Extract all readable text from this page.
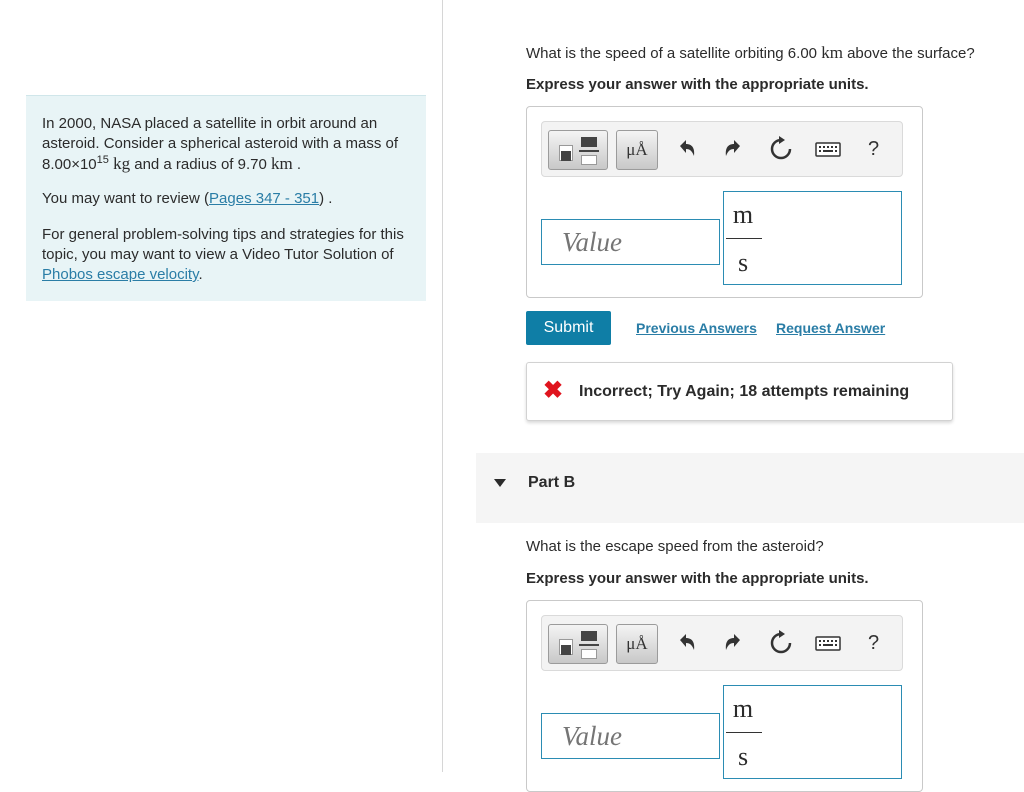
In 2000, NASA placed a satellite in orbit around an asteroid. Consider a spherical asteroid with a mass of $8.00\times 10^{15}$ kg and a radius of 9.70 km .

You may want to review (Pages 347 - 351) .

For general problem-solving tips and strategies for this topic, you may want to view a Video Tutor Solution of Phobos escape velocity.

What is the speed of a satellite orbiting 6.00 km above the surface?
Express your answer with the appropriate units.
μÅ	?
Value
m
s
Submit	Previous Answers Request Answer
✖ Incorrect; Try Again; 18 attempts remaining
Part B
What is the escape speed from the asteroid?
Express your answer with the appropriate units.
μÅ	?
Value
m
s
